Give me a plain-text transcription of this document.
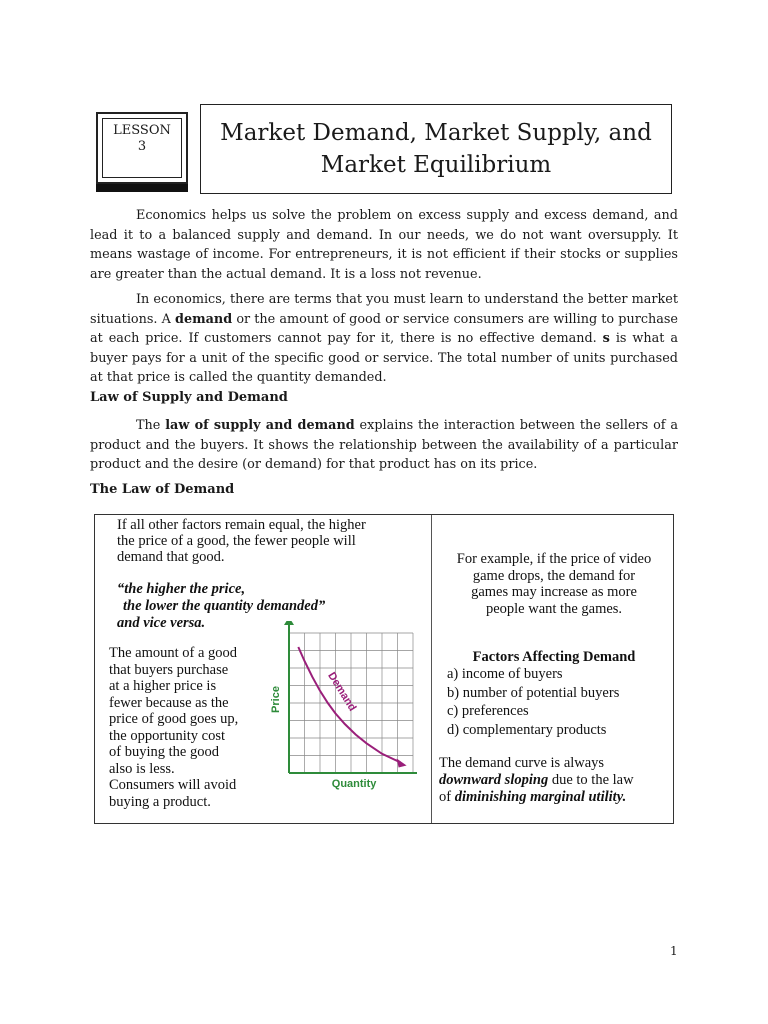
LESSON
3
Market Demand, Market Supply, and
Market Equilibrium
Economics helps us solve the problem on excess supply and excess demand, and lead it to a balanced supply and demand. In our needs, we do not want oversupply. It means wastage of income. For entrepreneurs, it is not efficient if their stocks or supplies are greater than the actual demand. It is a loss not revenue.
In economics, there are terms that you must learn to understand the better market situations. A demand or the amount of good or service consumers are willing to purchase at each price. If customers cannot pay for it, there is no effective demand. s is what a buyer pays for a unit of the specific good or service. The total number of units purchased at that price is called the quantity demanded.
Law of Supply and Demand
The law of supply and demand explains the interaction between the sellers of a product and the buyers. It shows the relationship between the availability of a particular product and the desire (or demand) for that product has on its price.
The Law of Demand
If all other factors remain equal, the higher
the price of a good, the fewer people will
demand that good.
“the higher the price,
the lower the quantity demanded”
and vice versa.
The amount of a good
that buyers purchase
at a higher price is
fewer because as the
price of good goes up,
the opportunity cost
of buying the good
also is less.
Consumers will avoid
buying a product.
Price
Quantity
Demand
For example, if the price of video
game drops, the demand for
games may increase as more
people want the games.
Factors Affecting Demand
a) income of buyers
b) number of potential buyers
c) preferences
d) complementary products
The demand curve is always
downward sloping due to the law
of diminishing marginal utility.
1
